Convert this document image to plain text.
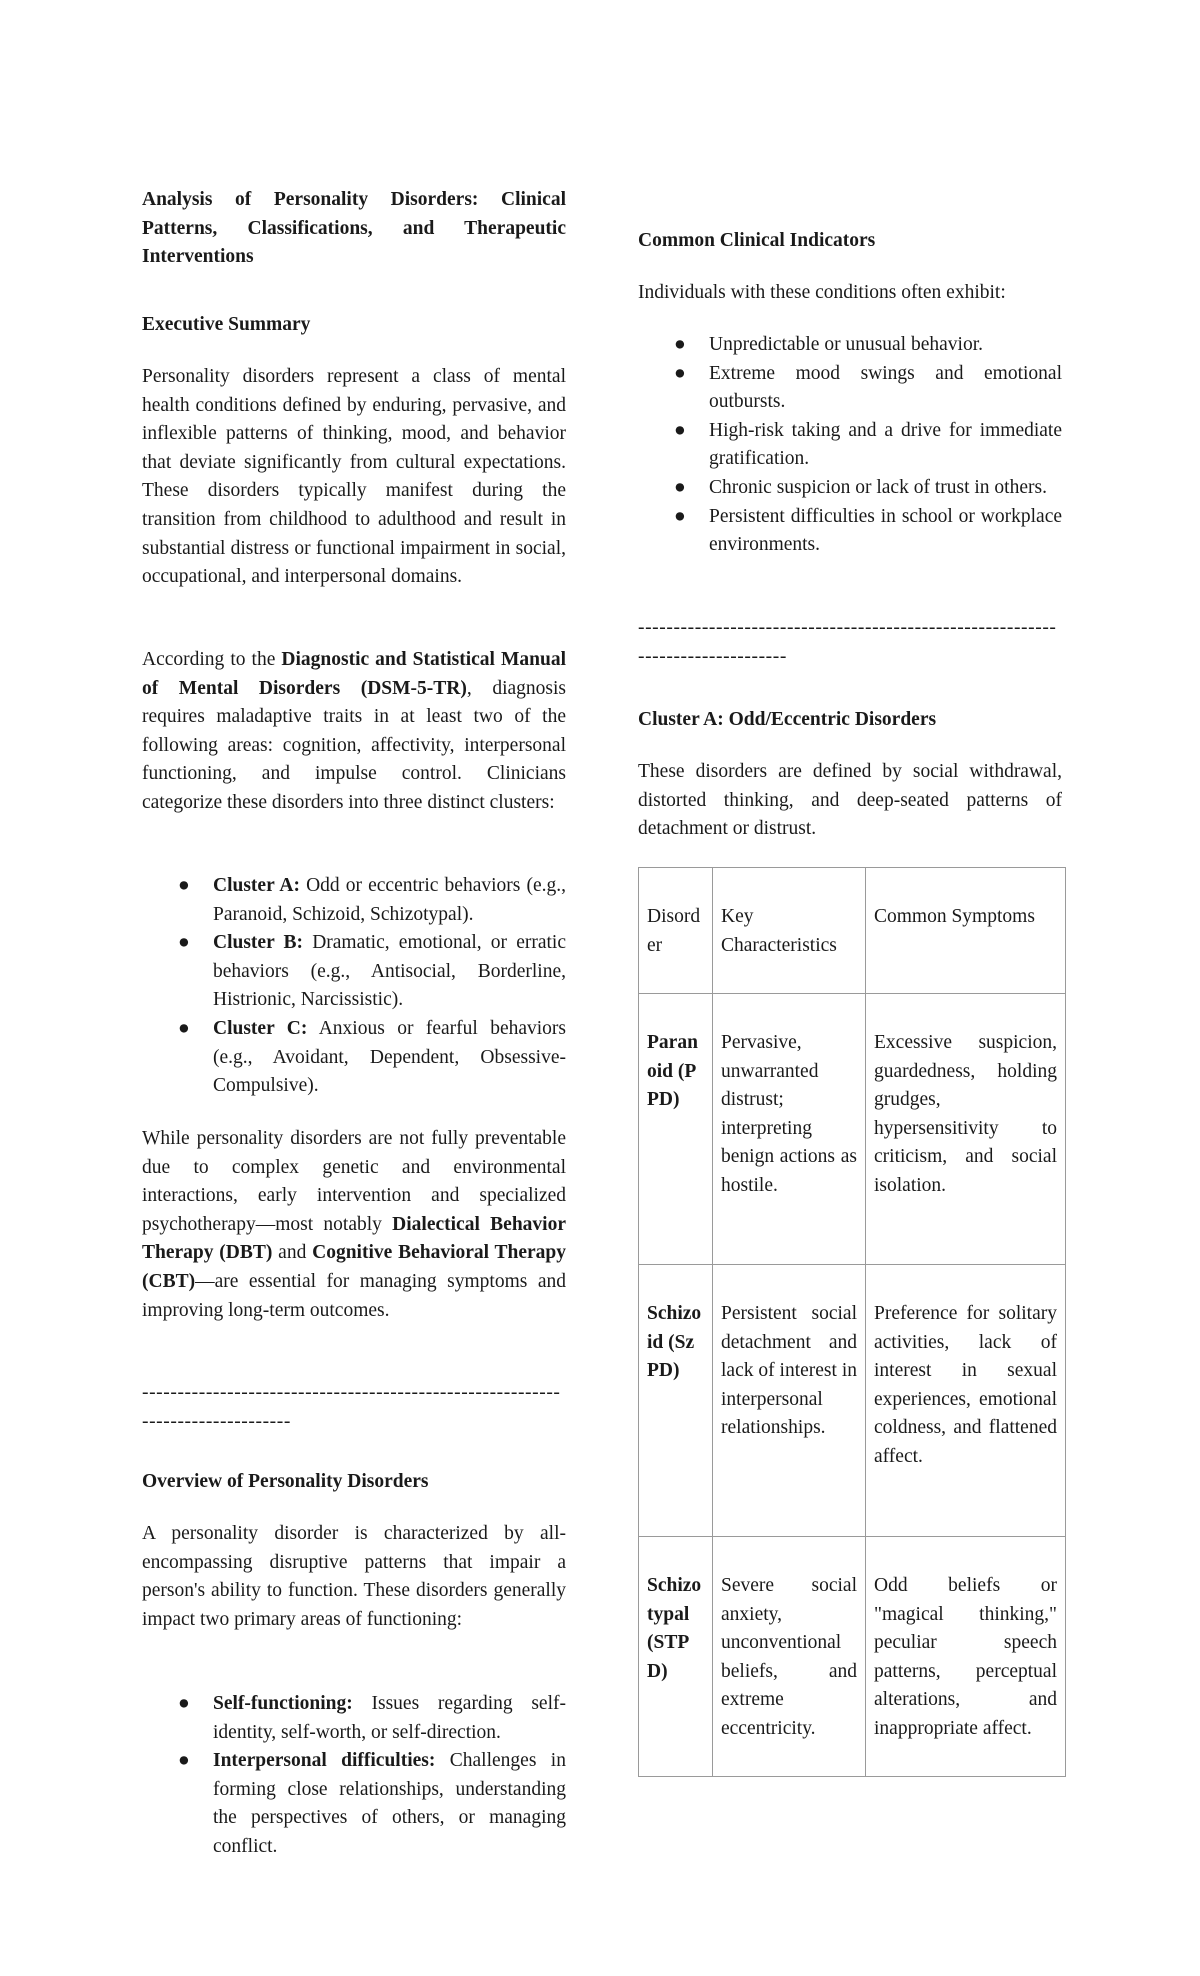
Analysis of Personality Disorders: Clinical Patterns, Classifications, and Therapeutic Interventions

Executive Summary

Personality disorders represent a class of mental health conditions defined by enduring, pervasive, and inflexible patterns of thinking, mood, and behavior that deviate significantly from cultural expectations. These disorders typically manifest during the transition from childhood to adulthood and result in substantial distress or functional impairment in social, occupational, and interpersonal domains.

According to the Diagnostic and Statistical Manual of Mental Disorders (DSM-5-TR), diagnosis requires maladaptive traits in at least two of the following areas: cognition, affectivity, interpersonal functioning, and impulse control. Clinicians categorize these disorders into three distinct clusters:

● Cluster A: Odd or eccentric behaviors (e.g., Paranoid, Schizoid, Schizotypal).
● Cluster B: Dramatic, emotional, or erratic behaviors (e.g., Antisocial, Borderline, Histrionic, Narcissistic).
● Cluster C: Anxious or fearful behaviors (e.g., Avoidant, Dependent, Obsessive-Compulsive).

While personality disorders are not fully preventable due to complex genetic and environmental interactions, early intervention and specialized psychotherapy—most notably Dialectical Behavior Therapy (DBT) and Cognitive Behavioral Therapy (CBT)—are essential for managing symptoms and improving long-term outcomes.

--------------------------------------------------------------------------------

Overview of Personality Disorders

A personality disorder is characterized by all-encompassing disruptive patterns that impair a person's ability to function. These disorders generally impact two primary areas of functioning:

● Self-functioning: Issues regarding self-identity, self-worth, or self-direction.
● Interpersonal difficulties: Challenges in forming close relationships, understanding the perspectives of others, or managing conflict.

Common Clinical Indicators

Individuals with these conditions often exhibit:

● Unpredictable or unusual behavior.
● Extreme mood swings and emotional outbursts.
● High-risk taking and a drive for immediate gratification.
● Chronic suspicion or lack of trust in others.
● Persistent difficulties in school or workplace environments.

--------------------------------------------------------------------------------

Cluster A: Odd/Eccentric Disorders

These disorders are defined by social withdrawal, distorted thinking, and deep-seated patterns of detachment or distrust.

Disorder	Key Characteristics	Common Symptoms
Paranoid (PPD)	Pervasive, unwarranted distrust; interpreting benign actions as hostile.	Excessive suspicion, guardedness, holding grudges, hypersensitivity to criticism, and social isolation.
Schizoid (SzPD)	Persistent social detachment and lack of interest in interpersonal relationships.	Preference for solitary activities, lack of interest in sexual experiences, emotional coldness, and flattened affect.
Schizotypal (STPD)	Severe social anxiety, unconventional beliefs, and extreme eccentricity.	Odd beliefs or "magical thinking," peculiar speech patterns, perceptual alterations, and inappropriate affect.
